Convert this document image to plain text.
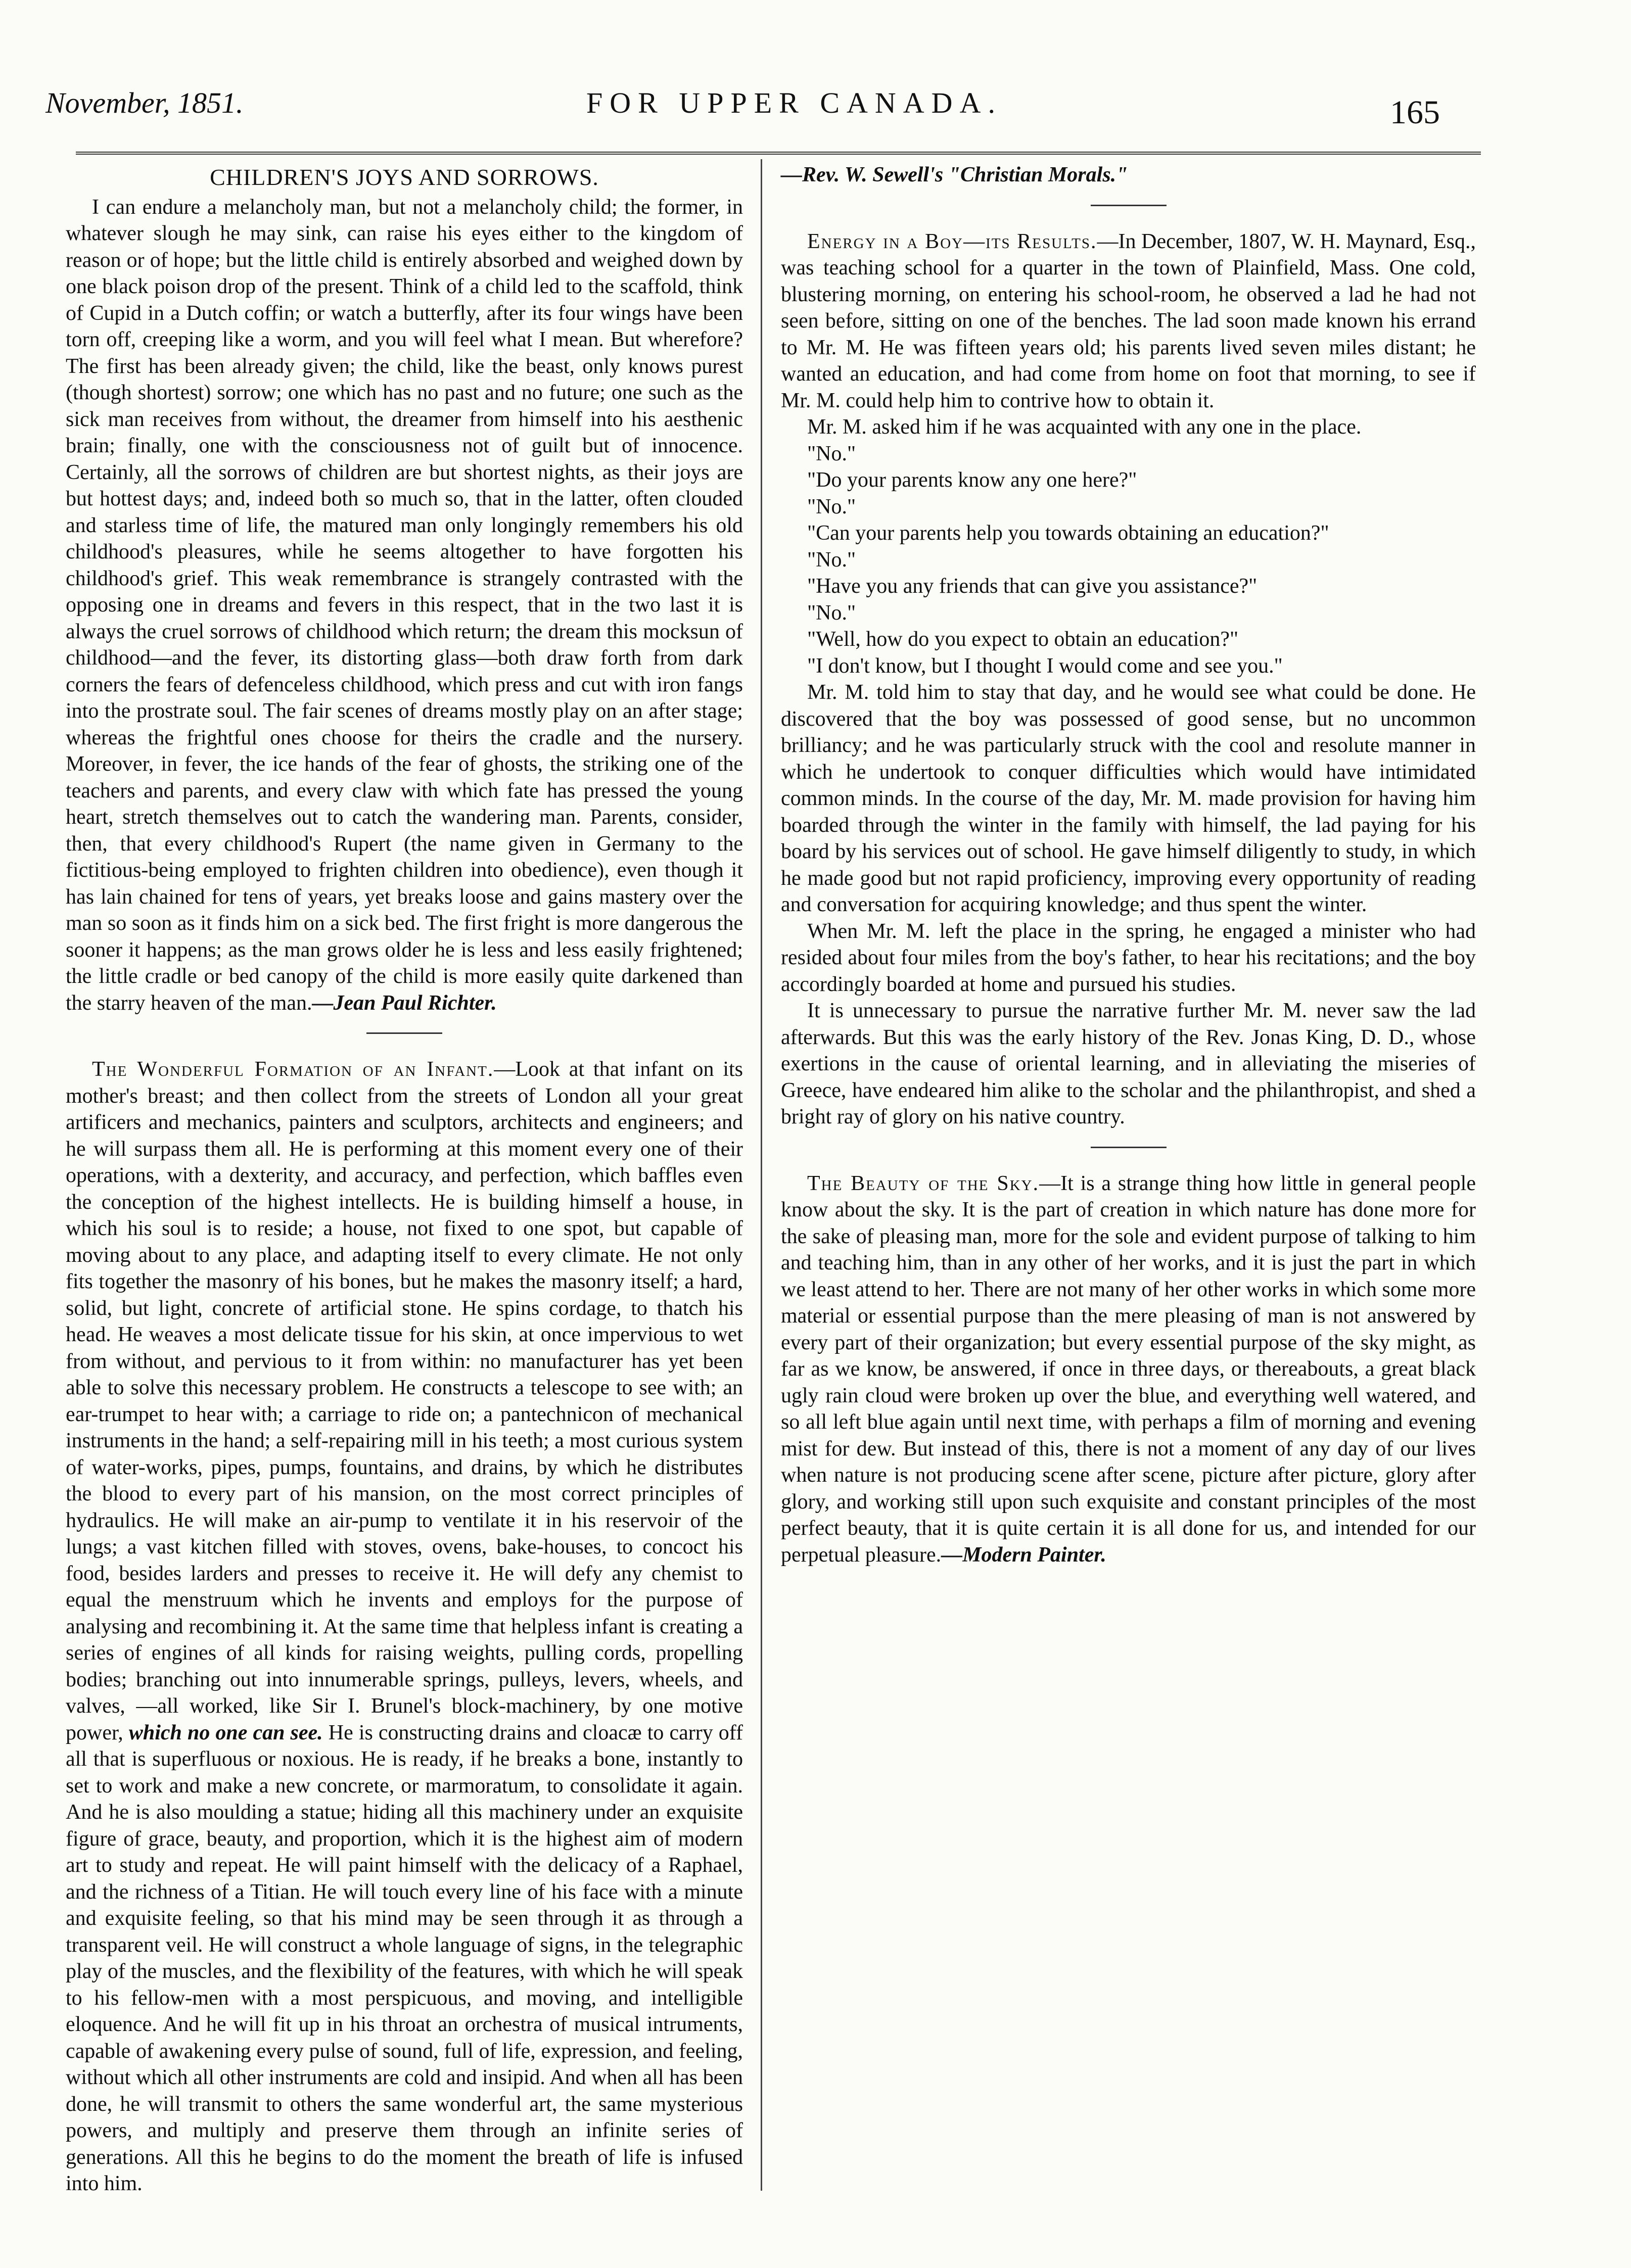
November, 1851.	FOR UPPER CANADA.	165
CHILDREN'S JOYS AND SORROWS.

I can endure a melancholy man, but not a melancholy child; the former, in whatever slough he may sink, can raise his eyes either to the kingdom of reason or of hope; but the little child is entirely absorbed and weighed down by one black poison drop of the present. Think of a child led to the scaffold, think of Cupid in a Dutch coffin; or watch a butterfly, after its four wings have been torn off, creeping like a worm, and you will feel what I mean. But wherefore? The first has been already given; the child, like the beast, only knows purest (though shortest) sorrow; one which has no past and no future; one such as the sick man receives from without, the dreamer from himself into his aesthenic brain; finally, one with the consciousness not of guilt but of innocence. Certainly, all the sorrows of children are but shortest nights, as their joys are but hottest days; and, indeed both so much so, that in the latter, often clouded and starless time of life, the matured man only longingly remembers his old childhood's pleasures, while he seems altogether to have forgotten his childhood's grief. This weak remembrance is strangely contrasted with the opposing one in dreams and fevers in this respect, that in the two last it is always the cruel sorrows of childhood which return; the dream this mocksun of childhood—and the fever, its distorting glass—both draw forth from dark corners the fears of defenceless childhood, which press and cut with iron fangs into the prostrate soul. The fair scenes of dreams mostly play on an after stage; whereas the frightful ones choose for theirs the cradle and the nursery. Moreover, in fever, the ice hands of the fear of ghosts, the striking one of the teachers and parents, and every claw with which fate has pressed the young heart, stretch themselves out to catch the wandering man. Parents, consider, then, that every childhood's Rupert (the name given in Germany to the fictitious-being employed to frighten children into obedience), even though it has lain chained for tens of years, yet breaks loose and gains mastery over the man so soon as it finds him on a sick bed. The first fright is more dangerous the sooner it happens; as the man grows older he is less and less easily frightened; the little cradle or bed canopy of the child is more easily quite darkened than the starry heaven of the man.—Jean Paul Richter.

The Wonderful Formation of an Infant.—Look at that infant on its mother's breast; and then collect from the streets of London all your great artificers and mechanics, painters and sculptors, architects and engineers; and he will surpass them all. He is performing at this moment every one of their operations, with a dexterity, and accuracy, and perfection, which baffles even the conception of the highest intellects. He is building himself a house, in which his soul is to reside; a house, not fixed to one spot, but capable of moving about to any place, and adapting itself to every climate. He not only fits together the masonry of his bones, but he makes the masonry itself; a hard, solid, but light, concrete of artificial stone. He spins cordage, to thatch his head. He weaves a most delicate tissue for his skin, at once impervious to wet from without, and pervious to it from within: no manufacturer has yet been able to solve this necessary problem. He constructs a telescope to see with; an ear-trumpet to hear with; a carriage to ride on; a pantechnicon of mechanical instruments in the hand; a self-repairing mill in his teeth; a most curious system of water-works, pipes, pumps, fountains, and drains, by which he distributes the blood to every part of his mansion, on the most correct principles of hydraulics. He will make an air-pump to ventilate it in his reservoir of the lungs; a vast kitchen filled with stoves, ovens, bake-houses, to concoct his food, besides larders and presses to receive it. He will defy any chemist to equal the menstruum which he invents and employs for the purpose of analysing and recombining it. At the same time that helpless infant is creating a series of engines of all kinds for raising weights, pulling cords, propelling bodies; branching out into innumerable springs, pulleys, levers, wheels, and valves, —all worked, like Sir I. Brunel's block-machinery, by one motive power, which no one can see. He is constructing drains and cloacæ to carry off all that is superfluous or noxious. He is ready, if he breaks a bone, instantly to set to work and make a new concrete, or marmoratum, to consolidate it again. And he is also moulding a statue; hiding all this machinery under an exquisite figure of grace, beauty, and proportion, which it is the highest aim of modern art to study and repeat. He will paint himself with the delicacy of a Raphael, and the richness of a Titian. He will touch every line of his face with a minute and exquisite feeling, so that his mind may be seen through it as through a transparent veil. He will construct a whole language of signs, in the telegraphic play of the muscles, and the flexibility of the features, with which he will speak to his fellow-men with a most perspicuous, and moving, and intelligible eloquence. And he will fit up in his throat an orchestra of musical intruments, capable of awakening every pulse of sound, full of life, expression, and feeling, without which all other instruments are cold and insipid. And when all has been done, he will transmit to others the same wonderful art, the same mysterious powers, and multiply and preserve them through an infinite series of generations. All this he begins to do the moment the breath of life is infused into him.

—Rev. W. Sewell's "Christian Morals."

Energy in a Boy—its Results.—In December, 1807, W. H. Maynard, Esq., was teaching school for a quarter in the town of Plainfield, Mass. One cold, blustering morning, on entering his school-room, he observed a lad he had not seen before, sitting on one of the benches. The lad soon made known his errand to Mr. M. He was fifteen years old; his parents lived seven miles distant; he wanted an education, and had come from home on foot that morning, to see if Mr. M. could help him to contrive how to obtain it.

Mr. M. asked him if he was acquainted with any one in the place.

"No."

"Do your parents know any one here?"

"No."

"Can your parents help you towards obtaining an education?"

"No."

"Have you any friends that can give you assistance?"

"No."

"Well, how do you expect to obtain an education?"

"I don't know, but I thought I would come and see you."

Mr. M. told him to stay that day, and he would see what could be done. He discovered that the boy was possessed of good sense, but no uncommon brilliancy; and he was particularly struck with the cool and resolute manner in which he undertook to conquer difficulties which would have intimidated common minds. In the course of the day, Mr. M. made provision for having him boarded through the winter in the family with himself, the lad paying for his board by his services out of school. He gave himself diligently to study, in which he made good but not rapid proficiency, improving every opportunity of reading and conversation for acquiring knowledge; and thus spent the winter.

When Mr. M. left the place in the spring, he engaged a minister who had resided about four miles from the boy's father, to hear his recitations; and the boy accordingly boarded at home and pursued his studies.

It is unnecessary to pursue the narrative further Mr. M. never saw the lad afterwards. But this was the early history of the Rev. Jonas King, D. D., whose exertions in the cause of oriental learning, and in alleviating the miseries of Greece, have endeared him alike to the scholar and the philanthropist, and shed a bright ray of glory on his native country.

The Beauty of the Sky.—It is a strange thing how little in general people know about the sky. It is the part of creation in which nature has done more for the sake of pleasing man, more for the sole and evident purpose of talking to him and teaching him, than in any other of her works, and it is just the part in which we least attend to her. There are not many of her other works in which some more material or essential purpose than the mere pleasing of man is not answered by every part of their organization; but every essential purpose of the sky might, as far as we know, be answered, if once in three days, or thereabouts, a great black ugly rain cloud were broken up over the blue, and everything well watered, and so all left blue again until next time, with perhaps a film of morning and evening mist for dew. But instead of this, there is not a moment of any day of our lives when nature is not producing scene after scene, picture after picture, glory after glory, and working still upon such exquisite and constant principles of the most perfect beauty, that it is quite certain it is all done for us, and intended for our perpetual pleasure.—Modern Painter.
